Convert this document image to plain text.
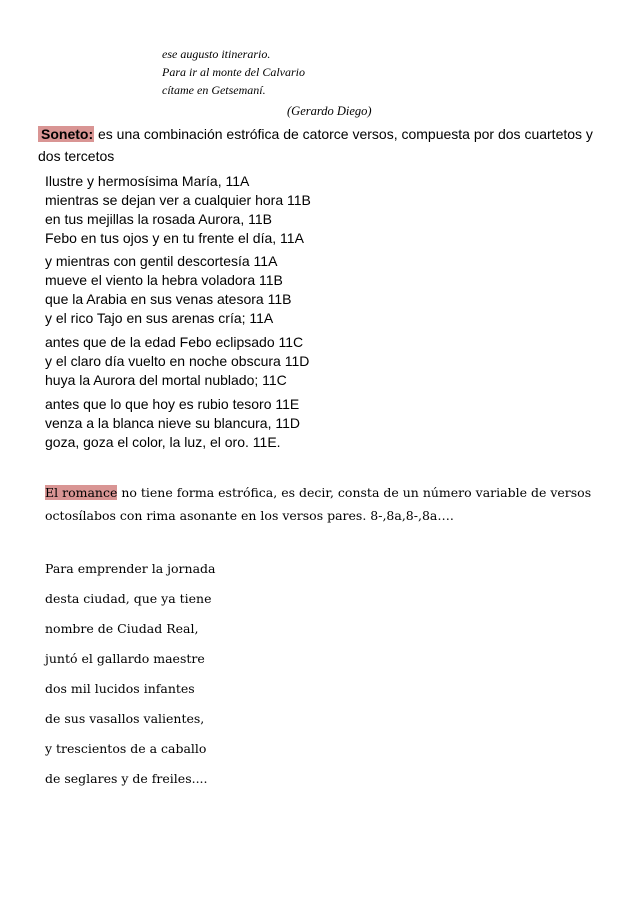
ese augusto itinerario.
Para ir al monte del Calvario
cítame en Getsemaní.
(Gerardo Diego)
Soneto: es una combinación estrófica de catorce versos, compuesta por dos cuartetos y dos tercetos
Ilustre y hermosísima María, 11A
mientras se dejan ver a cualquier hora 11B
en tus mejillas la rosada Aurora, 11B
Febo en tus ojos y en tu frente el día, 11A
y mientras con gentil descortesía 11A
mueve el viento la hebra voladora 11B
que la Arabia en sus venas atesora 11B
y el rico Tajo en sus arenas cría; 11A
antes que de la edad Febo eclipsado 11C
y el claro día vuelto en noche obscura 11D
huya la Aurora del mortal nublado; 11C
antes que lo que hoy es rubio tesoro 11E
venza a la blanca nieve su blancura, 11D
goza, goza el color, la luz, el oro. 11E.
El romance no tiene forma estrófica, es decir, consta de un número variable de versos octosílabos con rima asonante en los versos pares. 8-,8a,8-,8a….
Para emprender la jornada
desta ciudad, que ya tiene
nombre de Ciudad Real,
juntó el gallardo maestre
dos mil lucidos infantes
de sus vasallos valientes,
y trescientos de a caballo
de seglares y de freiles....
